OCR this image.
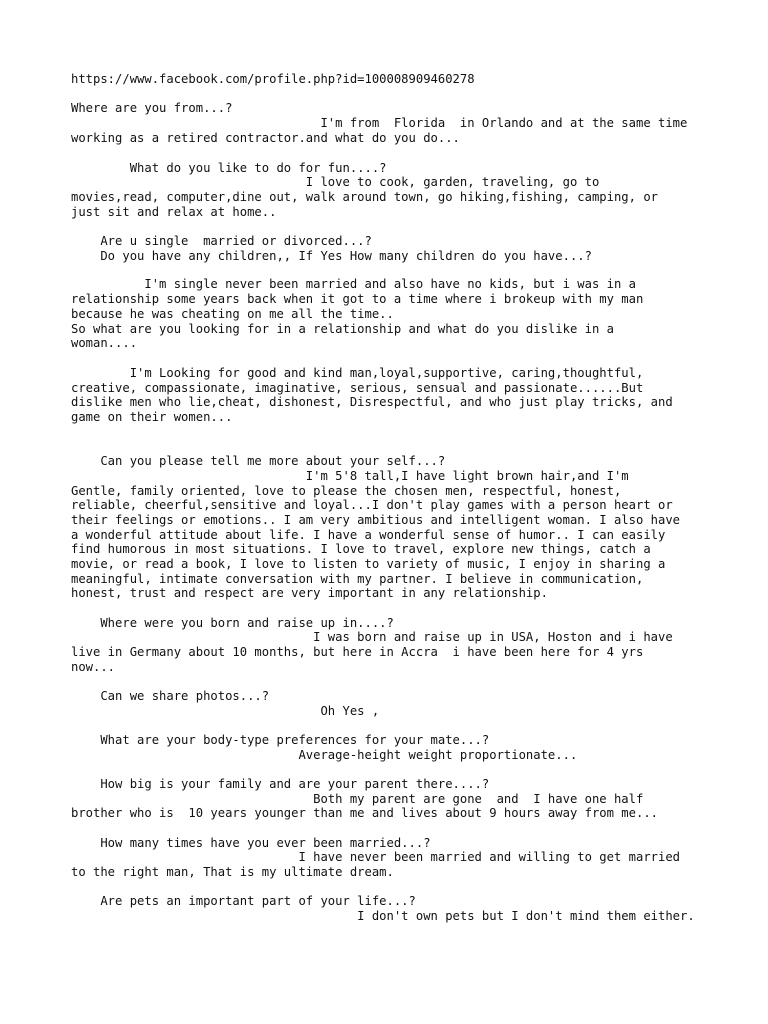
https://www.facebook.com/profile.php?id=100008909460278

Where are you from...?

I'm from  Florida  in Orlando and at the same time

working as a retired contractor.and what do you do...

What do you like to do for fun....?

I love to cook, garden, traveling, go to

movies,read, computer,dine out, walk around town, go hiking,fishing, camping, or

just sit and relax at home..

Are u single  married or divorced...?

Do you have any children,, If Yes How many children do you have...?

I'm single never been married and also have no kids, but i was in a

relationship some years back when it got to a time where i brokeup with my man

because he was cheating on me all the time..

So what are you looking for in a relationship and what do you dislike in a

woman....

I'm Looking for good and kind man,loyal,supportive, caring,thoughtful,

creative, compassionate, imaginative, serious, sensual and passionate......But

dislike men who lie,cheat, dishonest, Disrespectful, and who just play tricks, and

game on their women...

Can you please tell me more about your self...?

I'm 5'8 tall,I have light brown hair,and I'm

Gentle, family oriented, love to please the chosen men, respectful, honest,

reliable, cheerful,sensitive and loyal...I don't play games with a person heart or

their feelings or emotions.. I am very ambitious and intelligent woman. I also have

a wonderful attitude about life. I have a wonderful sense of humor.. I can easily

find humorous in most situations. I love to travel, explore new things, catch a

movie, or read a book, I love to listen to variety of music, I enjoy in sharing a

meaningful, intimate conversation with my partner. I believe in communication,

honest, trust and respect are very important in any relationship.

Where were you born and raise up in....?

I was born and raise up in USA, Hoston and i have

live in Germany about 10 months, but here in Accra  i have been here for 4 yrs

now...

Can we share photos...?

Oh Yes ,

What are your body-type preferences for your mate...?

Average-height weight proportionate...

How big is your family and are your parent there....?

Both my parent are gone  and  I have one half

brother who is  10 years younger than me and lives about 9 hours away from me...

How many times have you ever been married...?

I have never been married and willing to get married

to the right man, That is my ultimate dream.

Are pets an important part of your life...?

I don't own pets but I don't mind them either.
